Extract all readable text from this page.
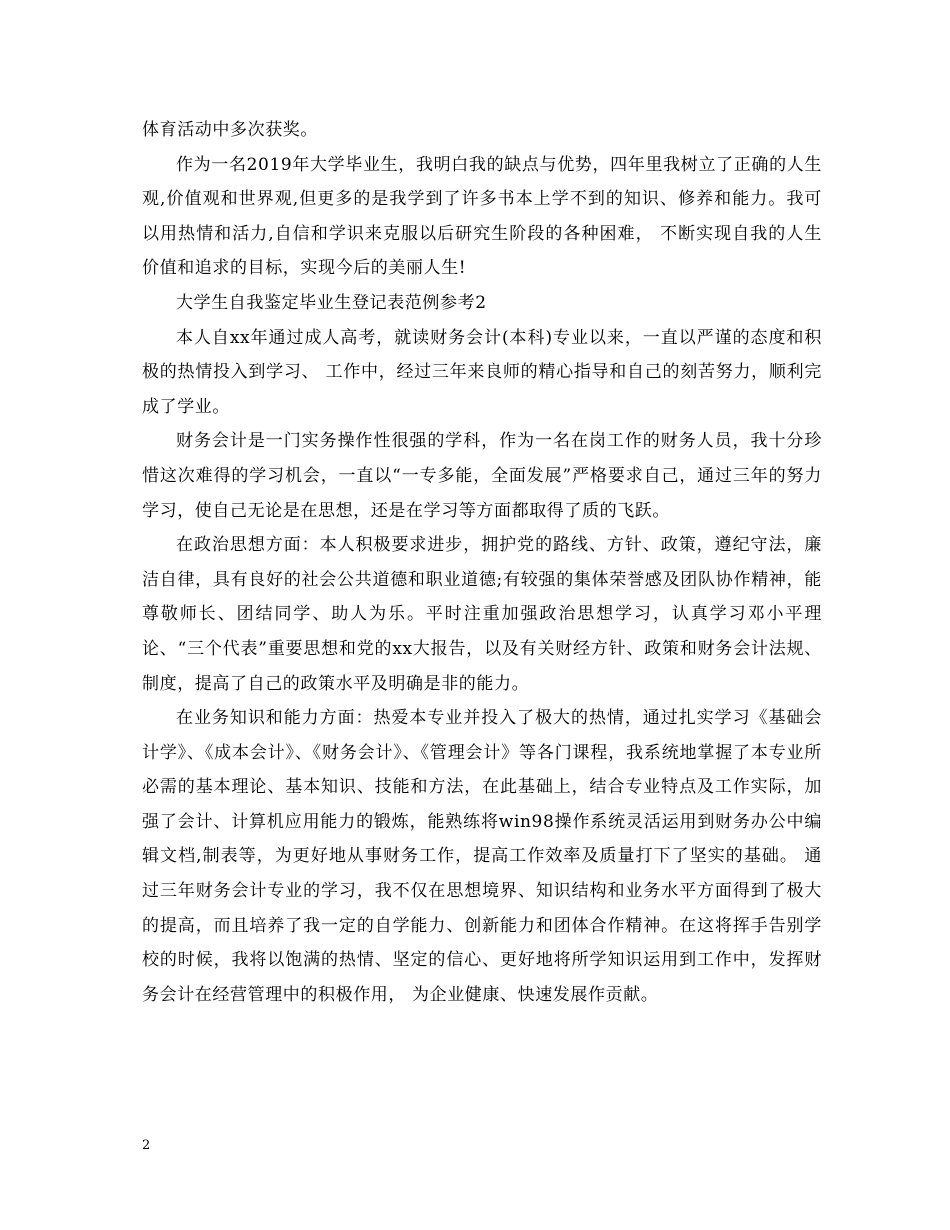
体育活动中多次获奖。

作为一名2019年大学毕业生，我明白我的缺点与优势，四年里我树立了正确的人生观,价值观和世界观,但更多的是我学到了许多书本上学不到的知识、修养和能力。我可以用热情和活力,自信和学识来克服以后研究生阶段的各种困难， 不断实现自我的人生价值和追求的目标，实现今后的美丽人生!

大学生自我鉴定毕业生登记表范例参考2

本人自xx年通过成人高考，就读财务会计(本科)专业以来，一直以严谨的态度和积极的热情投入到学习、 工作中，经过三年来良师的精心指导和自己的刻苦努力，顺利完成了学业。

财务会计是一门实务操作性很强的学科，作为一名在岗工作的财务人员，我十分珍惜这次难得的学习机会，一直以“一专多能，全面发展”严格要求自己，通过三年的努力学习，使自己无论是在思想，还是在学习等方面都取得了质的飞跃。

在政治思想方面：本人积极要求进步，拥护党的路线、方针、政策，遵纪守法，廉洁自律，具有良好的社会公共道德和职业道德;有较强的集体荣誉感及团队协作精神，能尊敬师长、团结同学、助人为乐。平时注重加强政治思想学习，认真学习邓小平理论、“三个代表”重要思想和党的xx大报告，以及有关财经方针、政策和财务会计法规、制度，提高了自己的政策水平及明确是非的能力。

在业务知识和能力方面：热爱本专业并投入了极大的热情，通过扎实学习《基础会计学》、《成本会计》、《财务会计》、《管理会计》等各门课程，我系统地掌握了本专业所必需的基本理论、基本知识、技能和方法，在此基础上，结合专业特点及工作实际，加强了会计、计算机应用能力的锻炼，能熟练将win98操作系统灵活运用到财务办公中编辑文档,制表等，为更好地从事财务工作，提高工作效率及质量打下了坚实的基础。 通过三年财务会计专业的学习，我不仅在思想境界、知识结构和业务水平方面得到了极大的提高，而且培养了我一定的自学能力、创新能力和团体合作精神。在这将挥手告别学校的时候，我将以饱满的热情、坚定的信心、更好地将所学知识运用到工作中，发挥财务会计在经营管理中的积极作用， 为企业健康、快速发展作贡献。

2
